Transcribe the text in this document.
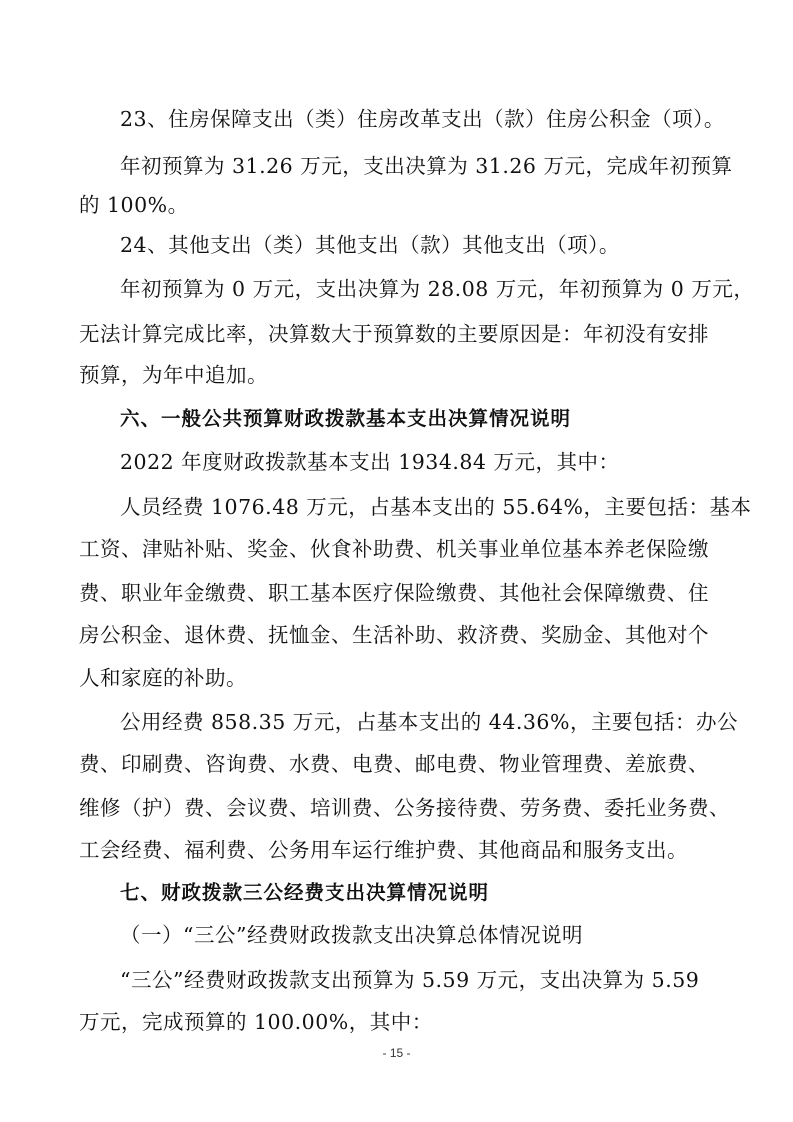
23、住房保障支出（类）住房改革支出（款）住房公积金（项）。
年初预算为 31.26 万元，支出决算为 31.26 万元，完成年初预算
的 100%。
24、其他支出（类）其他支出（款）其他支出（项）。
年初预算为 0 万元，支出决算为 28.08 万元，年初预算为 0 万元，
无法计算完成比率，决算数大于预算数的主要原因是：年初没有安排
预算，为年中追加。
六、一般公共预算财政拨款基本支出决算情况说明
2022 年度财政拨款基本支出 1934.84 万元，其中：
人员经费 1076.48 万元，占基本支出的 55.64%，主要包括：基本
工资、津贴补贴、奖金、伙食补助费、机关事业单位基本养老保险缴
费、职业年金缴费、职工基本医疗保险缴费、其他社会保障缴费、住
房公积金、退休费、抚恤金、生活补助、救济费、奖励金、其他对个
人和家庭的补助。
公用经费 858.35 万元，占基本支出的 44.36%，主要包括：办公
费、印刷费、咨询费、水费、电费、邮电费、物业管理费、差旅费、
维修（护）费、会议费、培训费、公务接待费、劳务费、委托业务费、
工会经费、福利费、公务用车运行维护费、其他商品和服务支出。
七、财政拨款三公经费支出决算情况说明
（一）“三公”经费财政拨款支出决算总体情况说明
“三公”经费财政拨款支出预算为 5.59 万元，支出决算为 5.59
万元，完成预算的 100.00%，其中：
- 15 -
